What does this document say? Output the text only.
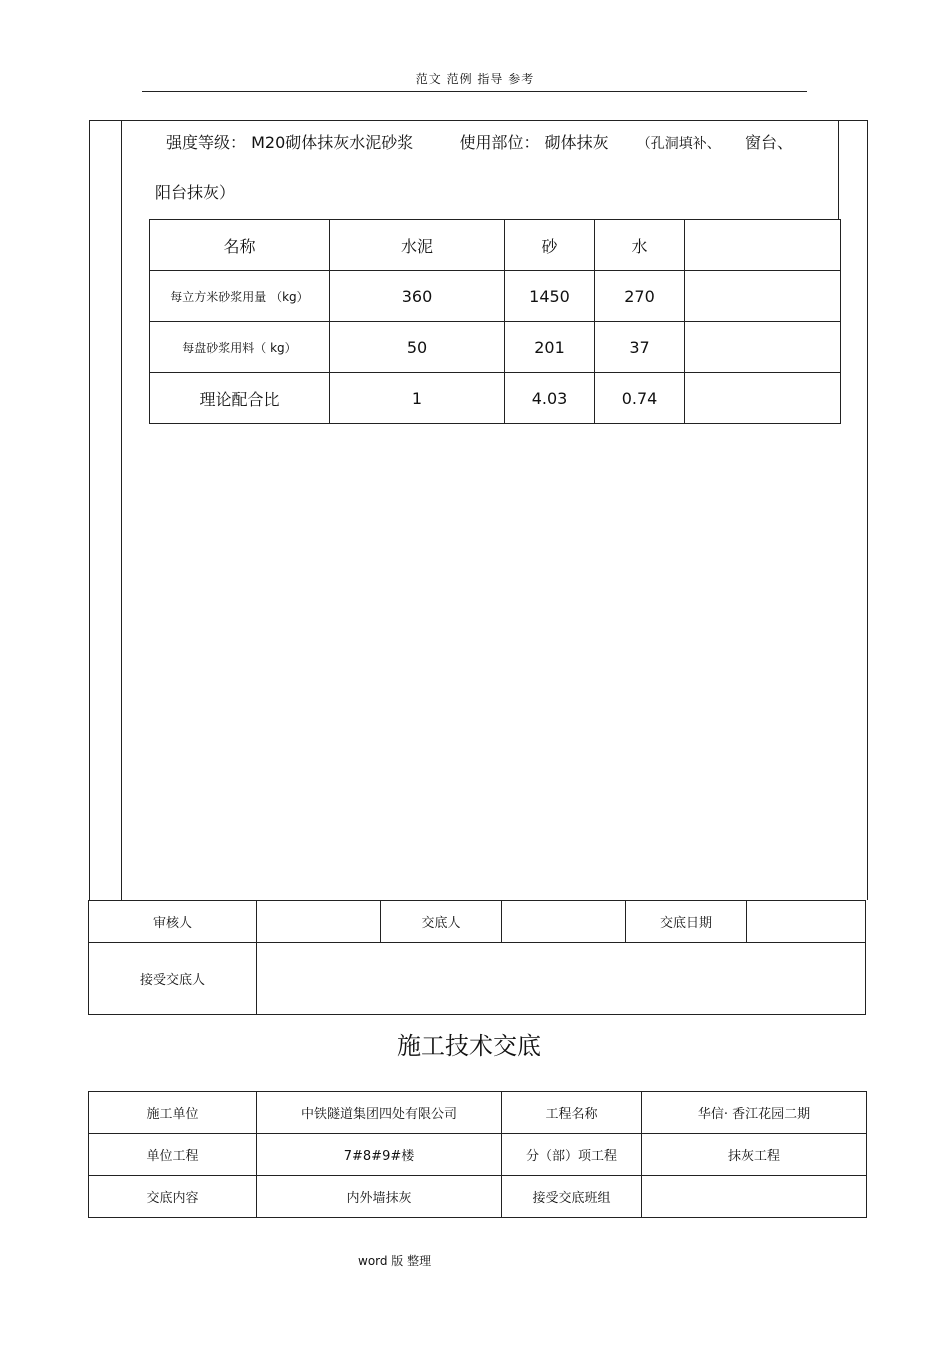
范文 范例 指导 参考
强度等级： M20砌体抹灰水泥砂浆	使用部位： 砌体抹灰 （孔洞填补、 窗台、
阳台抹灰）
名称	水泥	砂	水	
每立方米砂浆用量 （kg）	360	1450	270	
每盘砂浆用料（ kg）	50	201	37	
理论配合比	1	4.03	0.74	
审核人		交底人		交底日期	
接受交底人					
施工技术交底
施工单位	中铁隧道集团四处有限公司	工程名称	华信· 香江花园二期
单位工程	7#8#9#楼	分（部）项工程	抹灰工程
交底内容	内外墙抹灰	接受交底班组	
word 版 整理
